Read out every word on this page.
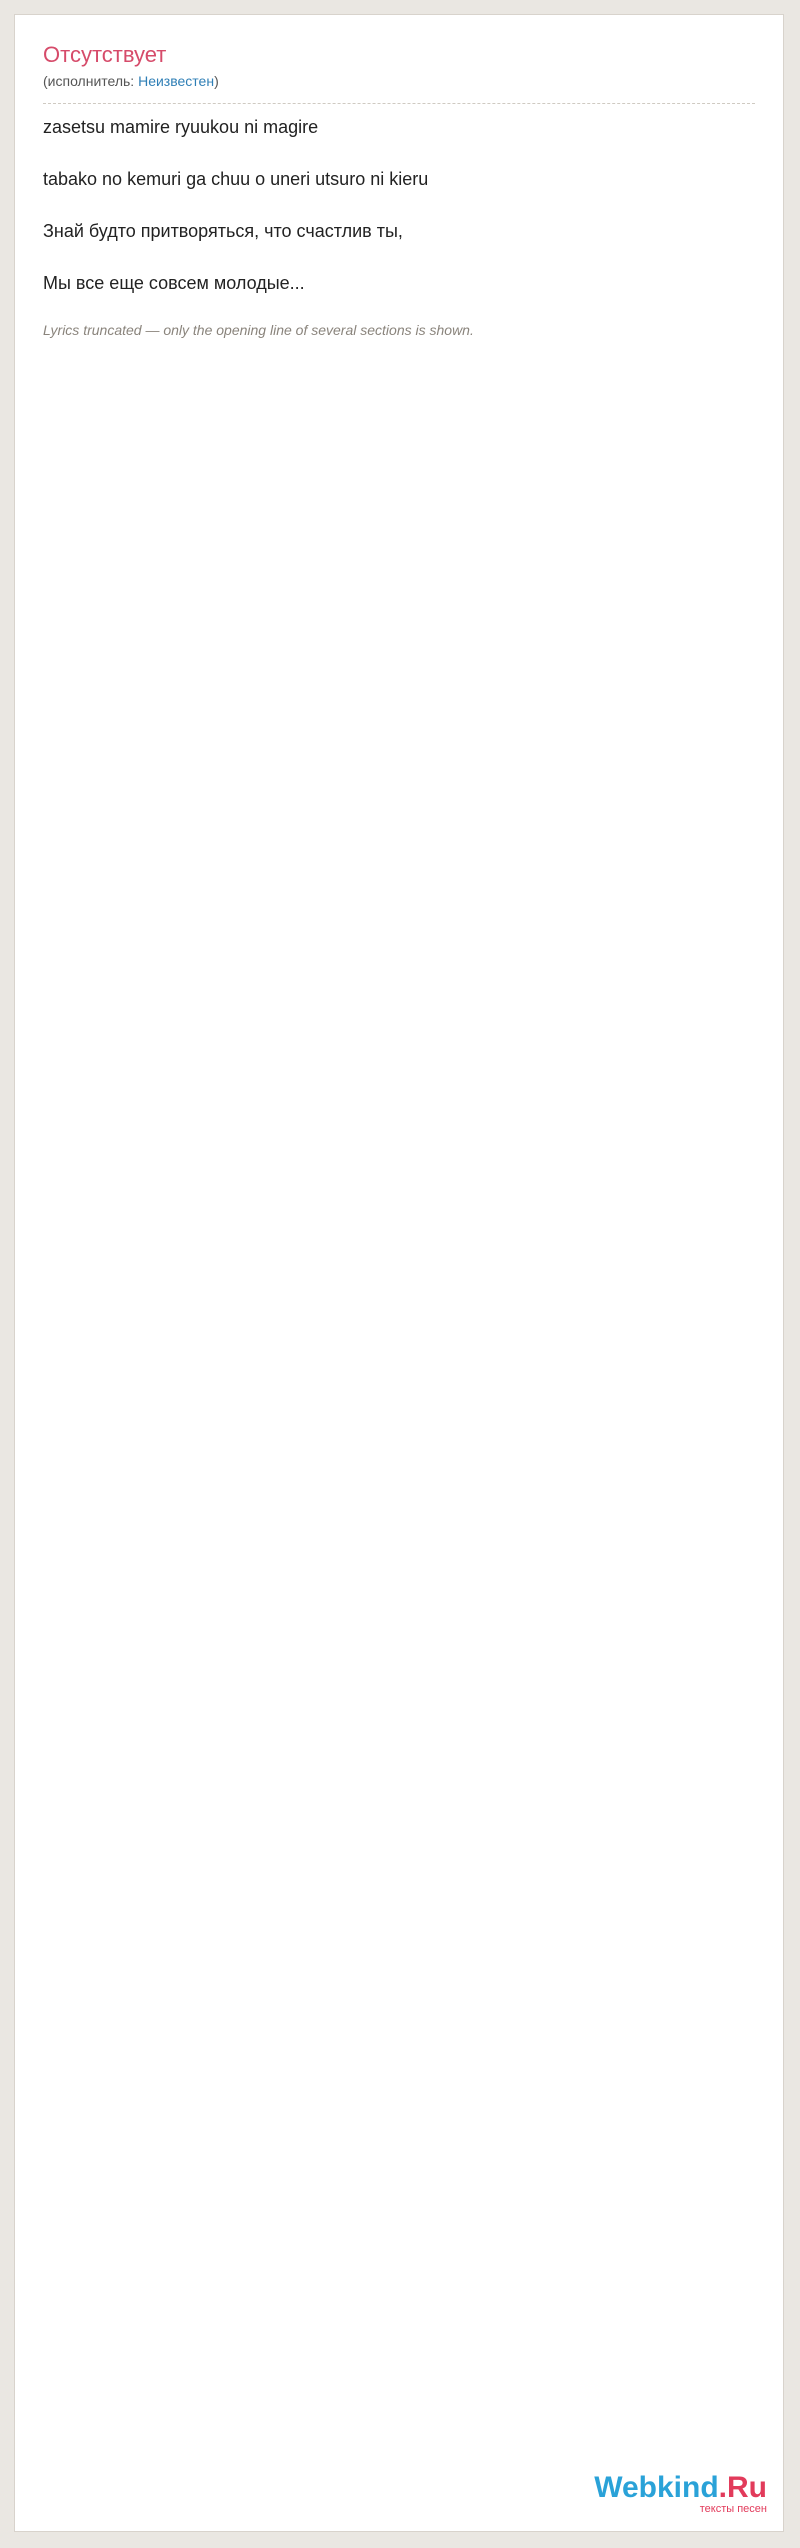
Отсутствует
(исполнитель: Неизвестен)
zasetsu mamire ryuukou ni magire
tabako no kemuri ga chuu o uneri utsuro ni kieru
Знай будто притворяться, что счастлив ты,
Мы все еще совсем молодые...
Lyrics truncated — only the opening line of several sections is shown.
Webkind.Ru
тексты песен
